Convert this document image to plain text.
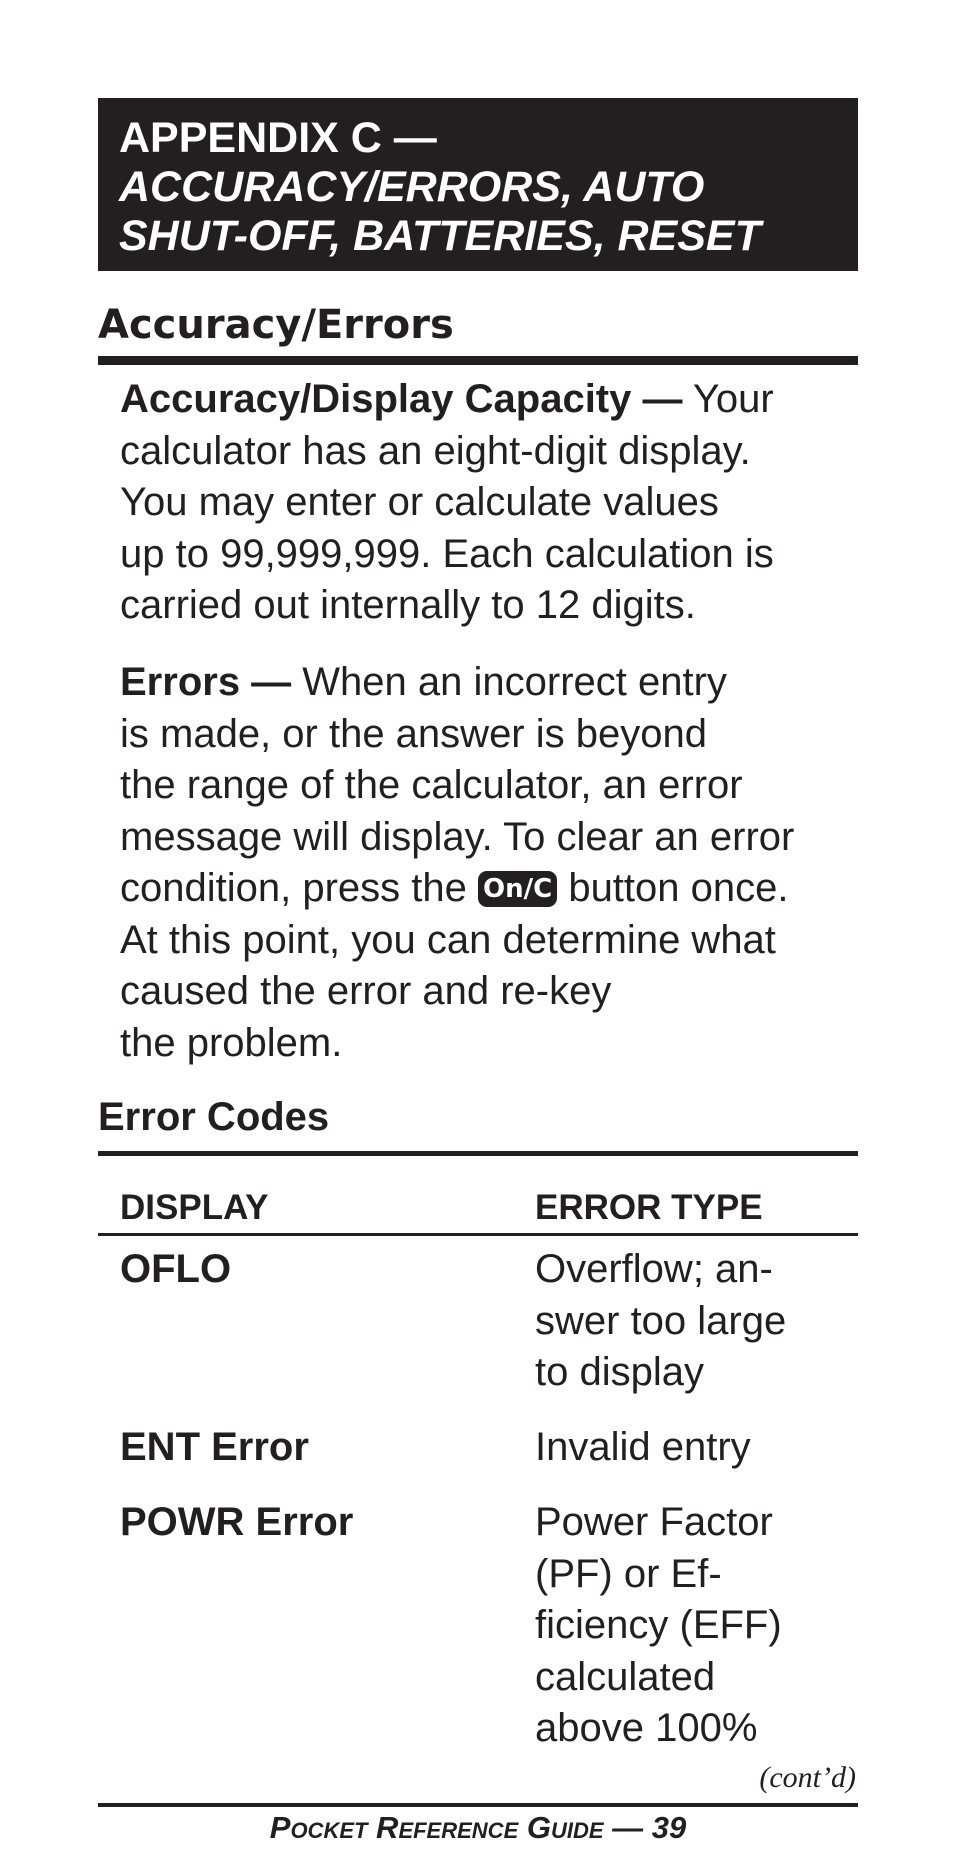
APPENDIX C —
ACCURACY/ERRORS, AUTO
SHUT-OFF, BATTERIES, RESET
Accuracy/Errors
Accuracy/Display Capacity — Your
calculator has an eight-digit display.
You may enter or calculate values
up to 99,999,999. Each calculation is
carried out internally to 12 digits.
Errors — When an incorrect entry
is made, or the answer is beyond
the range of the calculator, an error
message will display. To clear an error
condition, press the On/C button once.
At this point, you can determine what
caused the error and re-key
the problem.
Error Codes
DISPLAY	ERROR TYPE
OFLO	Overflow; an-
swer too large
to display
ENT Error	Invalid entry
POWR Error	Power Factor
(PF) or Ef-
ficiency (EFF)
calculated
above 100%
(cont’d)
Pocket Reference Guide — 39
